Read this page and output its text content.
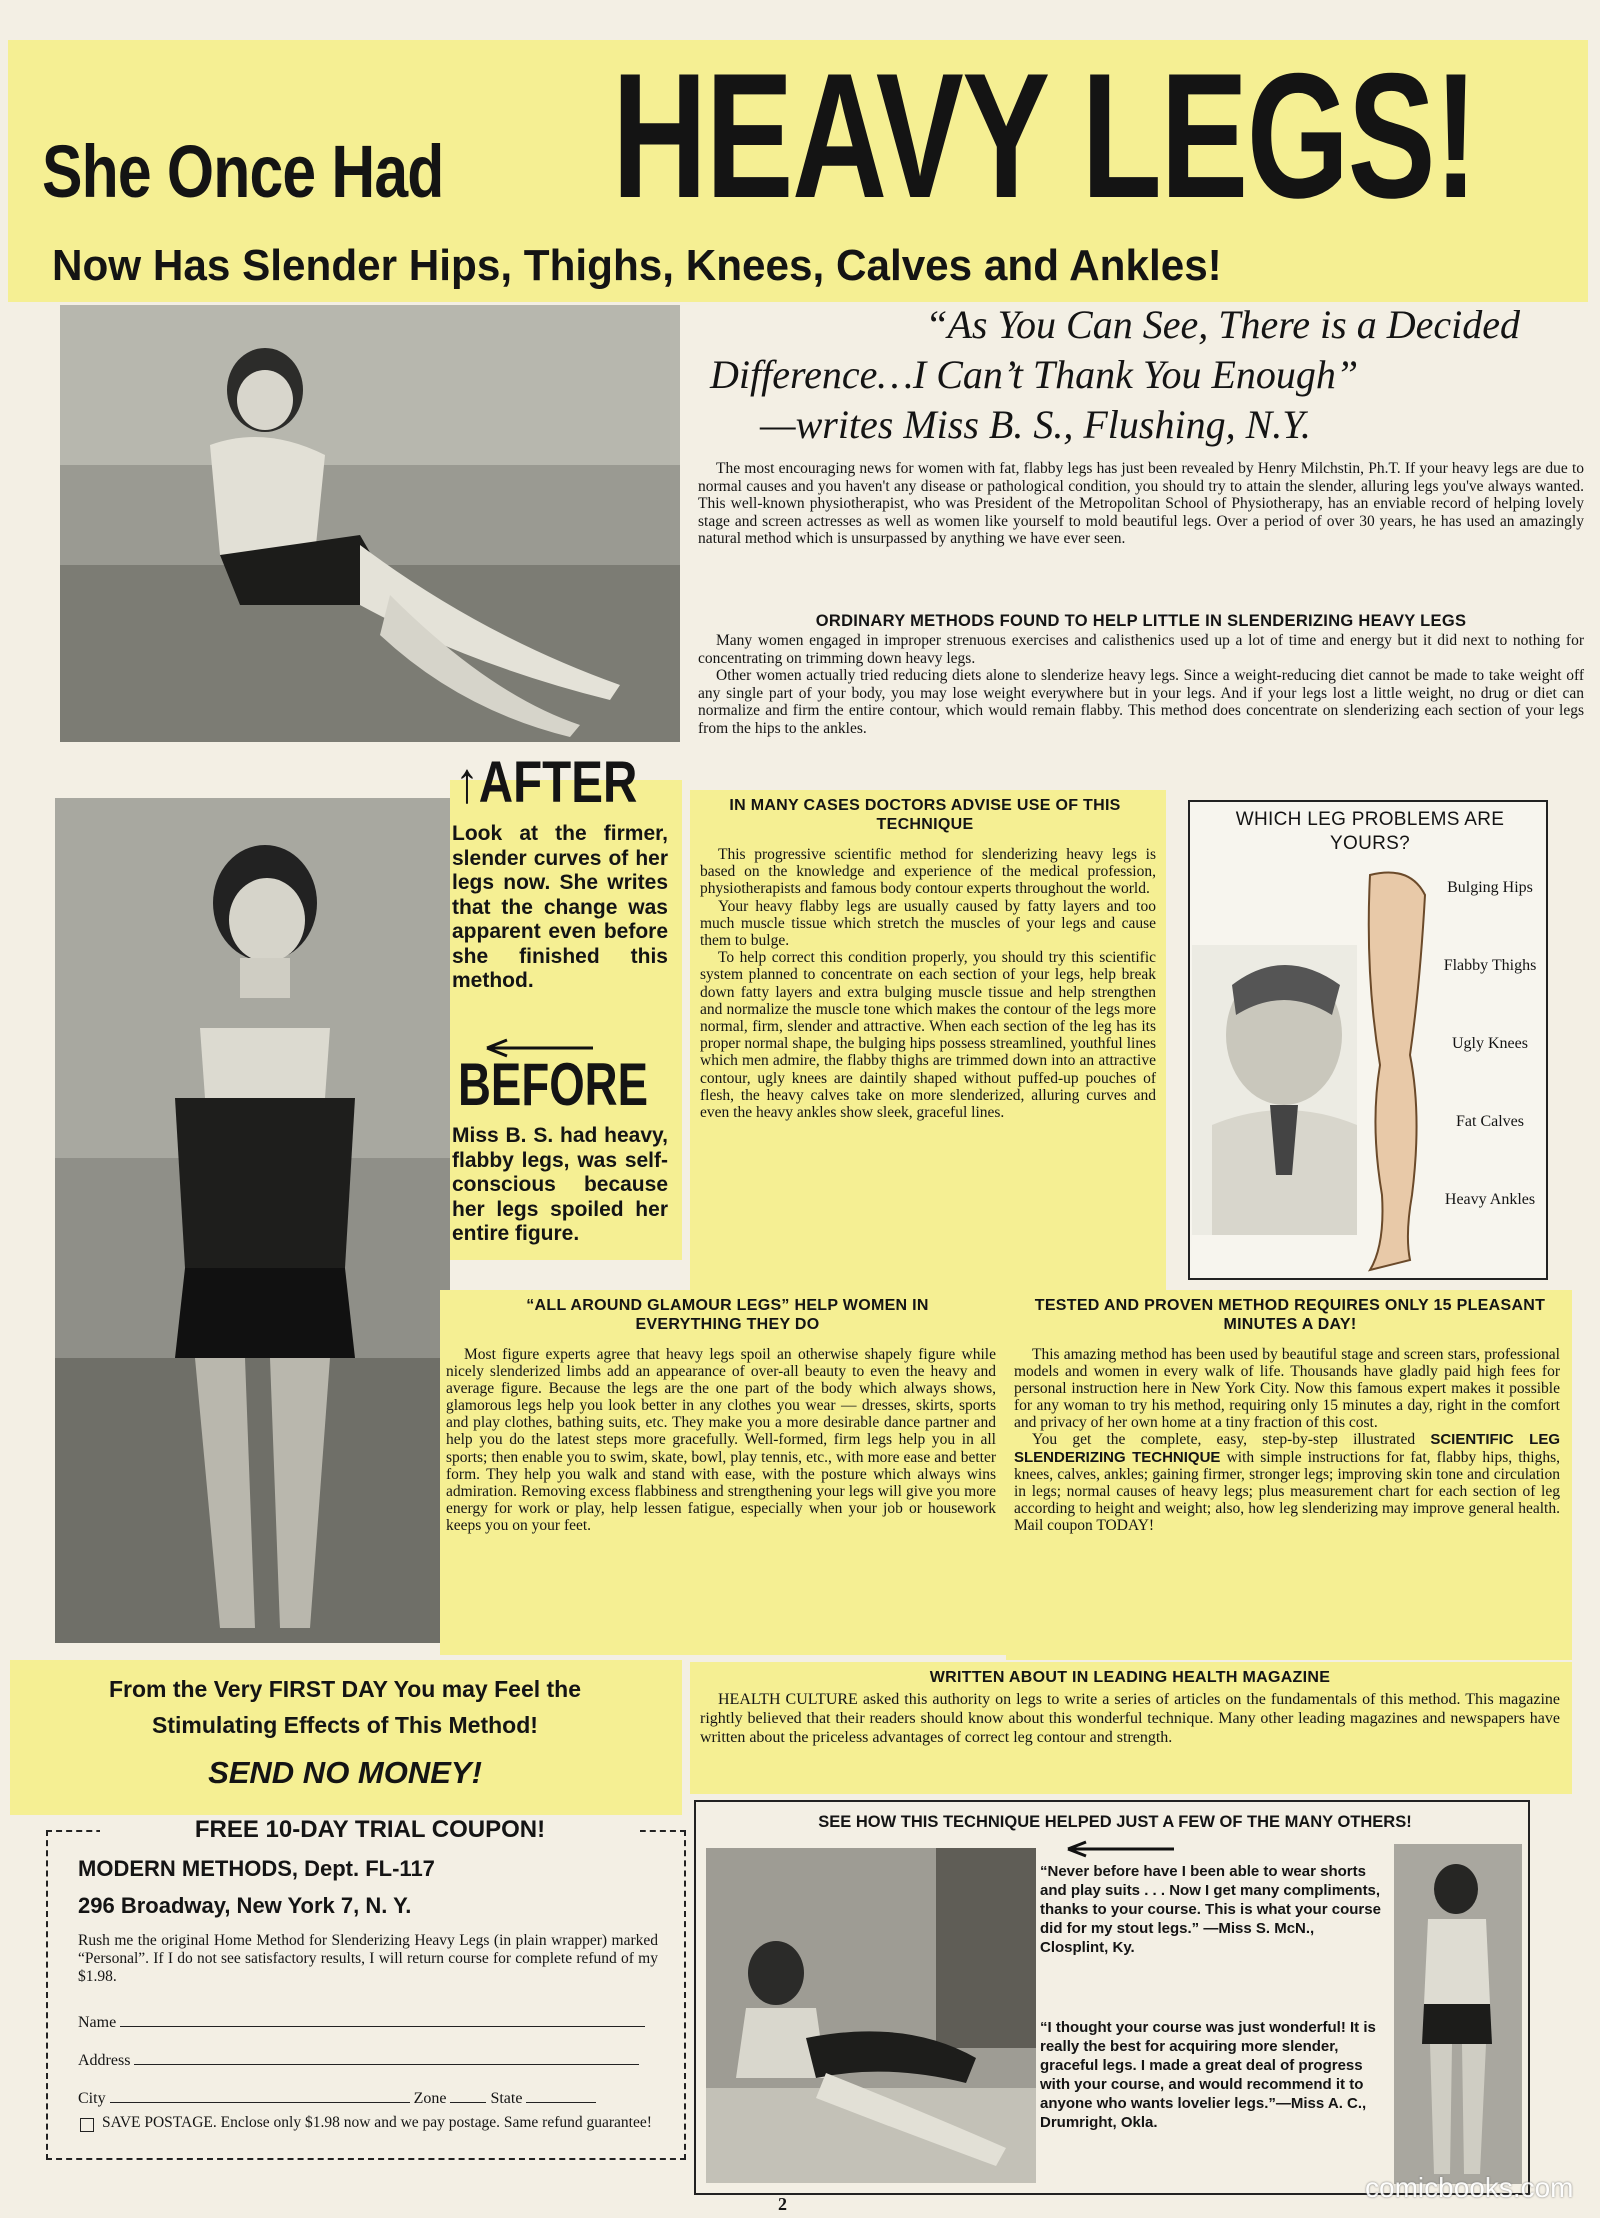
She Once Had HEAVY LEGS!
Now Has Slender Hips, Thighs, Knees, Calves and Ankles!
“As You Can See, There is a Decided
Difference…I Can’t Thank You Enough”
—writes Miss B. S., Flushing, N.Y.

The most encouraging news for women with fat, flabby legs has just been revealed by Henry Milchstin, Ph.T. If your heavy legs are due to normal causes and you haven't any disease or pathological condition, you should try to attain the slender, alluring legs you've always wanted. This well-known physiotherapist, who was President of the Metropolitan School of Physiotherapy, has an enviable record of helping lovely stage and screen actresses as well as women like yourself to mold beautiful legs. Over a period of over 30 years, he has used an amazingly natural method which is unsurpassed by anything we have ever seen.

ORDINARY METHODS FOUND TO HELP LITTLE IN SLENDERIZING HEAVY LEGS

Many women engaged in improper strenuous exercises and calisthenics used up a lot of time and energy but it did next to nothing for concentrating on trimming down heavy legs.

Other women actually tried reducing diets alone to slenderize heavy legs. Since a weight-reducing diet cannot be made to take weight off any single part of your body, you may lose weight everywhere but in your legs. And if your legs lost a little weight, no drug or diet can normalize and firm the entire contour, which would remain flabby. This method does concentrate on slenderizing each section of your legs from the hips to the ankles.

↑AFTER
Look at the firmer, slender curves of her legs now. She writes that the change was apparent even before she finished this method.
BEFORE
Miss B. S. had heavy, flabby legs, was self-conscious because her legs spoiled her entire figure.
IN MANY CASES DOCTORS ADVISE USE OF THIS TECHNIQUE

This progressive scientific method for slenderizing heavy legs is based on the knowledge and experience of the medical profession, physiotherapists and famous body contour experts throughout the world.

Your heavy flabby legs are usually caused by fatty layers and too much muscle tissue which stretch the muscles of your legs and cause them to bulge.

To help correct this condition properly, you should try this scientific system planned to concentrate on each section of your legs, help break down fatty layers and extra bulging muscle tissue and help strengthen and normalize the muscle tone which makes the contour of the legs more normal, firm, slender and attractive. When each section of the leg has its proper normal shape, the bulging hips possess streamlined, youthful lines which men admire, the flabby thighs are trimmed down into an attractive contour, ugly knees are daintily shaped without puffed-up pouches of flesh, the heavy calves take on more slenderized, alluring curves and even the heavy ankles show sleek, graceful lines.

WHICH LEG PROBLEMS ARE YOURS?
Bulging Hips
Flabby Thighs
Ugly Knees
Fat Calves
Heavy Ankles
“ALL AROUND GLAMOUR LEGS” HELP WOMEN IN EVERYTHING THEY DO

Most figure experts agree that heavy legs spoil an otherwise shapely figure while nicely slenderized limbs add an appearance of over-all beauty to even the heavy and average figure. Because the legs are the one part of the body which always shows, glamorous legs help you look better in any clothes you wear — dresses, skirts, sports and play clothes, bathing suits, etc. They make you a more desirable dance partner and help you do the latest steps more gracefully. Well-formed, firm legs help you in all sports; then enable you to swim, skate, bowl, play tennis, etc., with more ease and better form. They help you walk and stand with ease, with the posture which always wins admiration. Removing excess flabbiness and strengthening your legs will give you more energy for work or play, help lessen fatigue, especially when your job or housework keeps you on your feet.

TESTED AND PROVEN METHOD REQUIRES ONLY 15 PLEASANT MINUTES A DAY!

This amazing method has been used by beautiful stage and screen stars, professional models and women in every walk of life. Thousands have gladly paid high fees for personal instruction here in New York City. Now this famous expert makes it possible for any woman to try his method, requiring only 15 minutes a day, right in the comfort and privacy of her own home at a tiny fraction of this cost.

You get the complete, easy, step-by-step illustrated SCIENTIFIC LEG SLENDERIZING TECHNIQUE with simple instructions for fat, flabby hips, thighs, knees, calves, ankles; gaining firmer, stronger legs; improving skin tone and circulation in legs; normal causes of heavy legs; plus measurement chart for each section of leg according to height and weight; also, how leg slenderizing may improve general health. Mail coupon TODAY!

From the Very FIRST DAY You may Feel the
Stimulating Effects of This Method!
SEND NO MONEY!
WRITTEN ABOUT IN LEADING HEALTH MAGAZINE

HEALTH CULTURE asked this authority on legs to write a series of articles on the fundamentals of this method. This magazine rightly believed that their readers should know about this wonderful technique. Many other leading magazines and newspapers have written about the priceless advantages of correct leg contour and strength.

FREE 10-DAY TRIAL COUPON!
MODERN METHODS, Dept. FL-117
296 Broadway, New York 7, N. Y.
Rush me the original Home Method for Slenderizing Heavy Legs (in plain wrapper) marked “Personal”. If I do not see satisfactory results, I will return course for complete refund of my $1.98.
Name
Address
City	Zone	State
SAVE POSTAGE. Enclose only $1.98 now and we pay postage. Same refund guarantee!
SEE HOW THIS TECHNIQUE HELPED JUST A FEW OF THE MANY OTHERS!
“Never before have I been able to wear shorts and play suits . . . Now I get many compliments, thanks to your course. This is what your course did for my stout legs.” —Miss S. McN., Closplint, Ky.
“I thought your course was just wonderful! It is really the best for acquiring more slender, graceful legs. I made a great deal of progress with your course, and would recommend it to anyone who wants lovelier legs.”—Miss A. C., Drumright, Okla.
2
comicbooks.com
